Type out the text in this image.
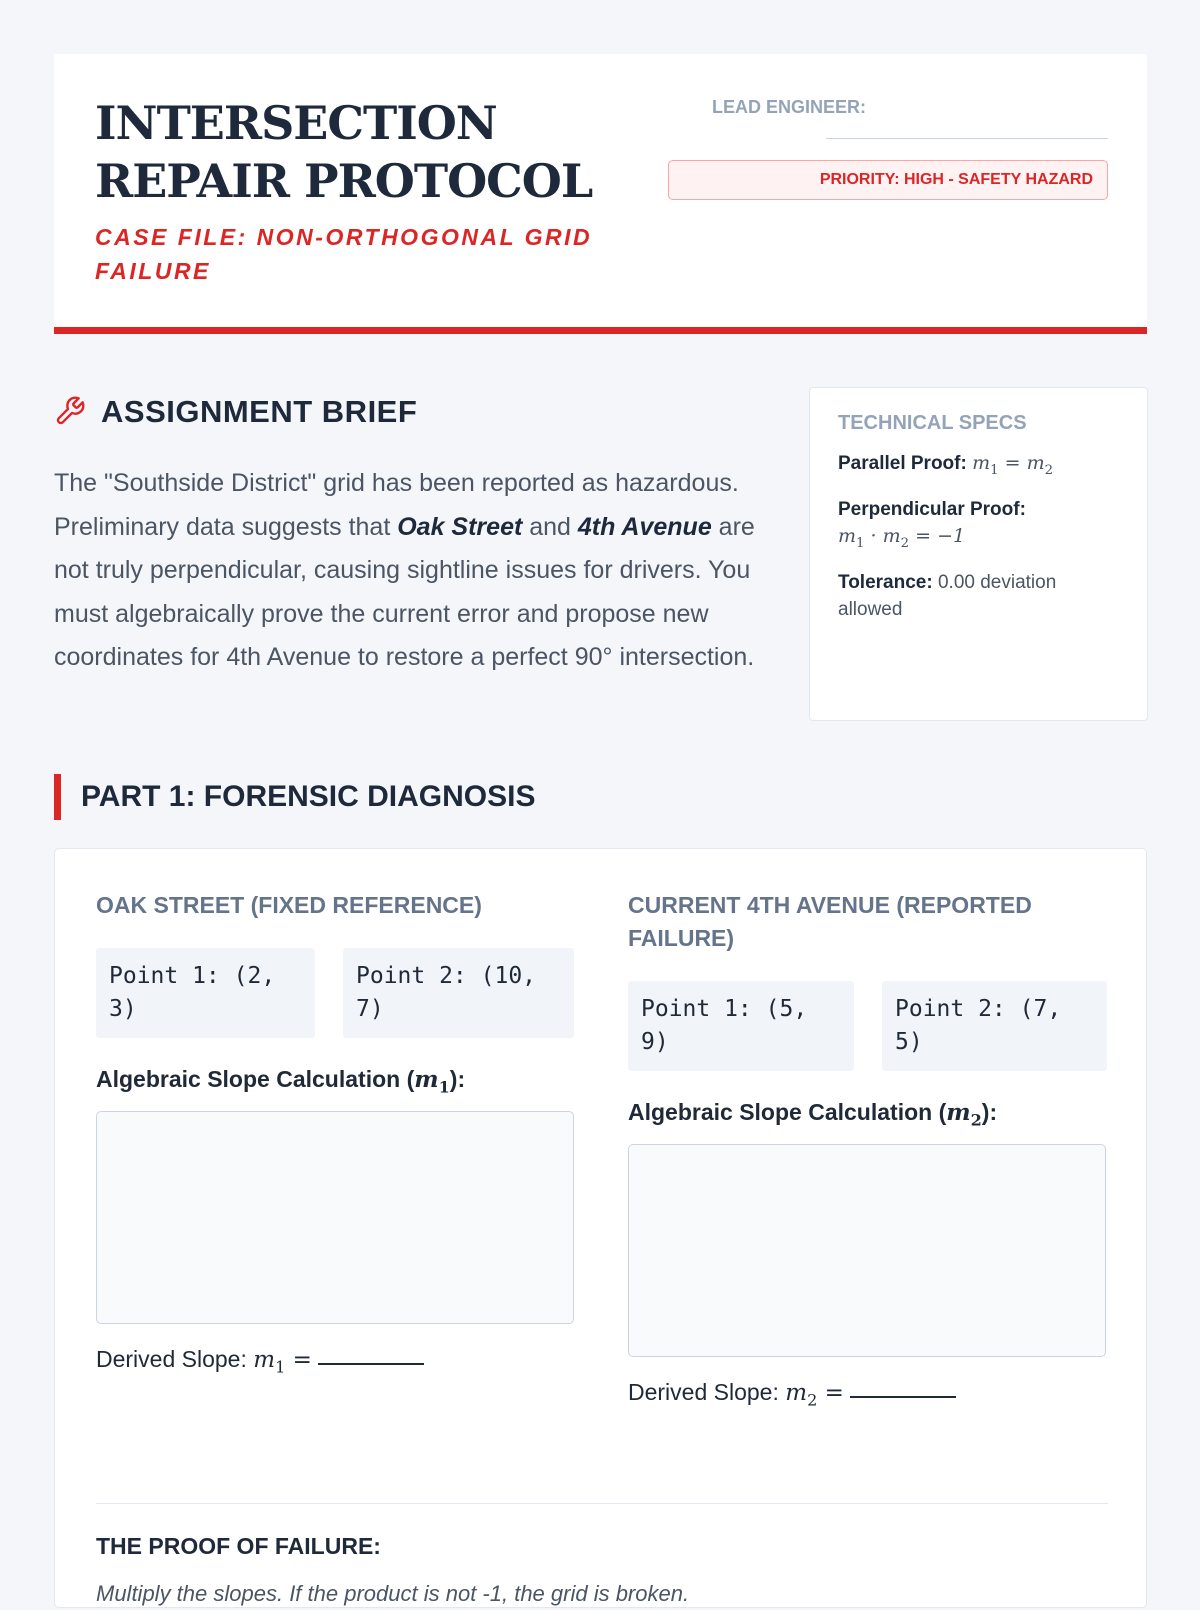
INTERSECTION REPAIR PROTOCOL
CASE FILE: NON-ORTHOGONAL GRID FAILURE
LEAD ENGINEER:
PRIORITY: HIGH - SAFETY HAZARD
ASSIGNMENT BRIEF

The "Southside District" grid has been reported as hazardous. Preliminary data suggests that Oak Street and 4th Avenue are not truly perpendicular, causing sightline issues for drivers. You must algebraically prove the current error and propose new coordinates for 4th Avenue to restore a perfect 90° intersection.

TECHNICAL SPECS
Parallel Proof: $m_1 = m_2$
Perpendicular Proof:
$m_1 \cdot m_2 = -1$
Tolerance: 0.00 deviation allowed
PART 1: FORENSIC DIAGNOSIS
OAK STREET (FIXED REFERENCE)
Point 1: (2, 3)
Point 2: (10, 7)
Algebraic Slope Calculation $(m_1)$:
Derived Slope: $m_1$ =
CURRENT 4TH AVENUE (REPORTED FAILURE)
Point 1: (5, 9)
Point 2: (7, 5)
Algebraic Slope Calculation $(m_2)$:
Derived Slope: $m_2$ =
THE PROOF OF FAILURE:
Multiply the slopes. If the product is not -1, the grid is broken.
